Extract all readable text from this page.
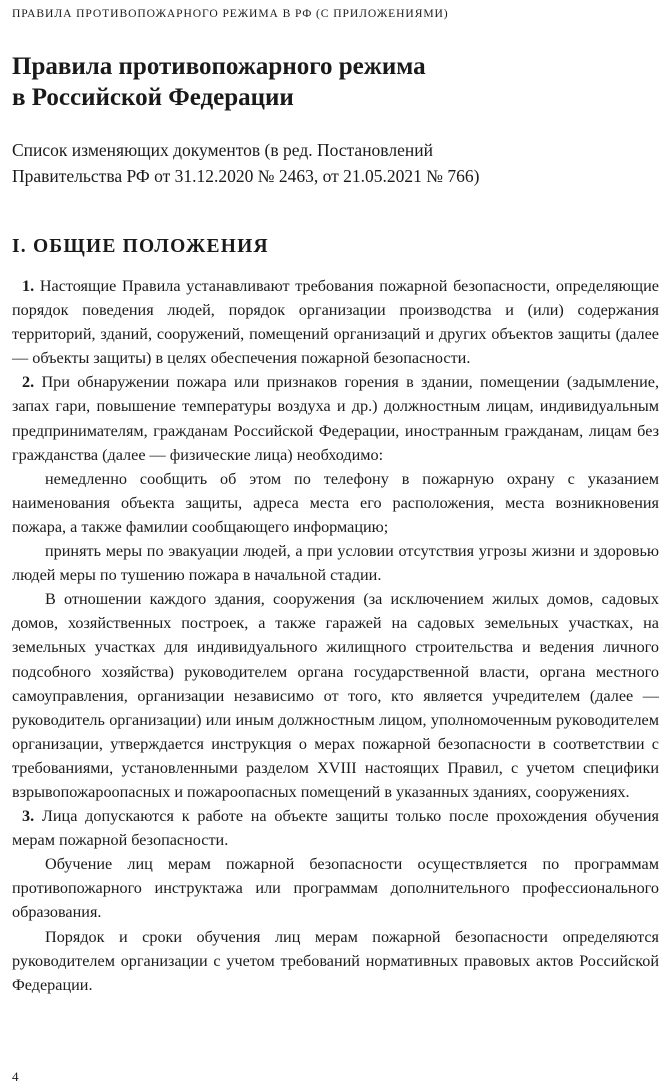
ПРАВИЛА ПРОТИВОПОЖАРНОГО РЕЖИМА В РФ (С ПРИЛОЖЕНИЯМИ)
Правила противопожарного режима
в Российской Федерации

Список изменяющих документов (в ред. Постановлений
Правительства РФ от 31.12.2020 № 2463, от 21.05.2021 № 766)

I. ОБЩИЕ ПОЛОЖЕНИЯ

1. Настоящие Правила устанавливают требования пожарной безопасности, определяющие порядок поведения людей, порядок организации производства и (или) содержания территорий, зданий, сооружений, помещений организаций и других объектов защиты (далее — объекты защиты) в целях обеспечения пожарной безопасности.

2. При обнаружении пожара или признаков горения в здании, помещении (задымление, запах гари, повышение температуры воздуха и др.) должностным лицам, индивидуальным предпринимателям, гражданам Российской Федерации, иностранным гражданам, лицам без гражданства (далее — физические лица) необходимо:

немедленно сообщить об этом по телефону в пожарную охрану с указанием наименования объекта защиты, адреса места его расположения, места возникновения пожара, а также фамилии сообщающего информацию;

принять меры по эвакуации людей, а при условии отсутствия угрозы жизни и здоровью людей меры по тушению пожара в начальной стадии.

В отношении каждого здания, сооружения (за исключением жилых домов, садовых домов, хозяйственных построек, а также гаражей на садовых земельных участках, на земельных участках для индивидуального жилищного строительства и ведения личного подсобного хозяйства) руководителем органа государственной власти, органа местного самоуправления, организации независимо от того, кто является учредителем (далее — руководитель организации) или иным должностным лицом, уполномоченным руководителем организации, утверждается инструкция о мерах пожарной безопасности в соответствии с требованиями, установленными разделом XVIII настоящих Правил, с учетом специфики взрывопожароопасных и пожароопасных помещений в указанных зданиях, сооружениях.

3. Лица допускаются к работе на объекте защиты только после прохождения обучения мерам пожарной безопасности.

Обучение лиц мерам пожарной безопасности осуществляется по программам противопожарного инструктажа или программам дополнительного профессионального образования.

Порядок и сроки обучения лиц мерам пожарной безопасности определяются руководителем организации с учетом требований нормативных правовых актов Российской Федерации.

4
